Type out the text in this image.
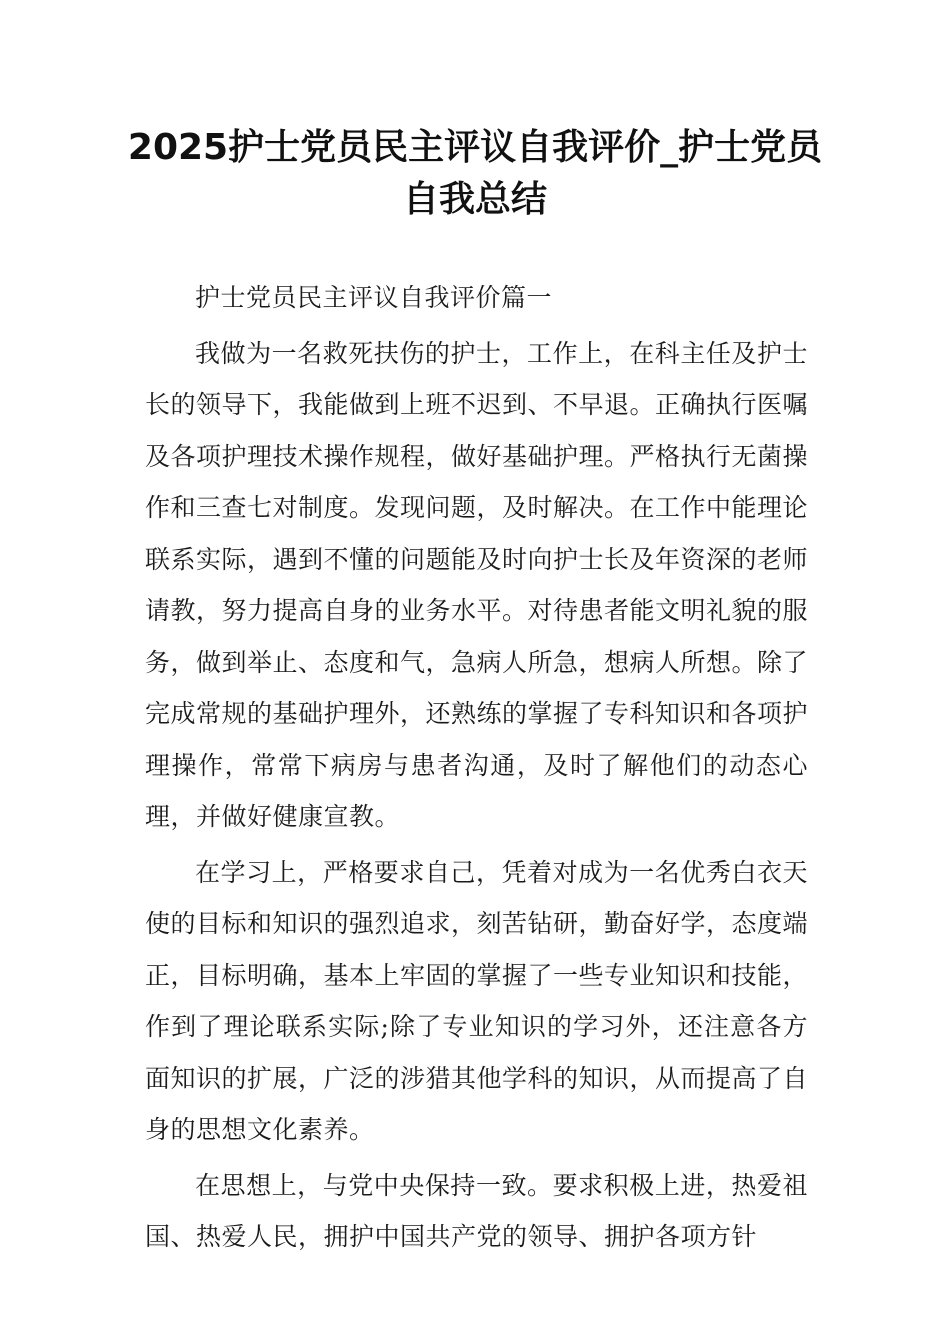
2025护士党员民主评议自我评价_护士党员自我总结

护士党员民主评议自我评价篇一

我做为一名救死扶伤的护士，工作上，在科主任及护士长的领导下，我能做到上班不迟到、不早退。正确执行医嘱及各项护理技术操作规程，做好基础护理。严格执行无菌操作和三查七对制度。发现问题，及时解决。在工作中能理论联系实际，遇到不懂的问题能及时向护士长及年资深的老师请教，努力提高自身的业务水平。对待患者能文明礼貌的服务，做到举止、态度和气，急病人所急，想病人所想。除了完成常规的基础护理外，还熟练的掌握了专科知识和各项护理操作，常常下病房与患者沟通，及时了解他们的动态心理，并做好健康宣教。

在学习上，严格要求自己，凭着对成为一名优秀白衣天使的目标和知识的强烈追求，刻苦钻研，勤奋好学，态度端正，目标明确，基本上牢固的掌握了一些专业知识和技能，作到了理论联系实际;除了专业知识的学习外，还注意各方面知识的扩展，广泛的涉猎其他学科的知识，从而提高了自身的思想文化素养。

在思想上，与党中央保持一致。要求积极上进，热爱祖国、热爱人民，拥护中国共产党的领导、拥护各项方针
